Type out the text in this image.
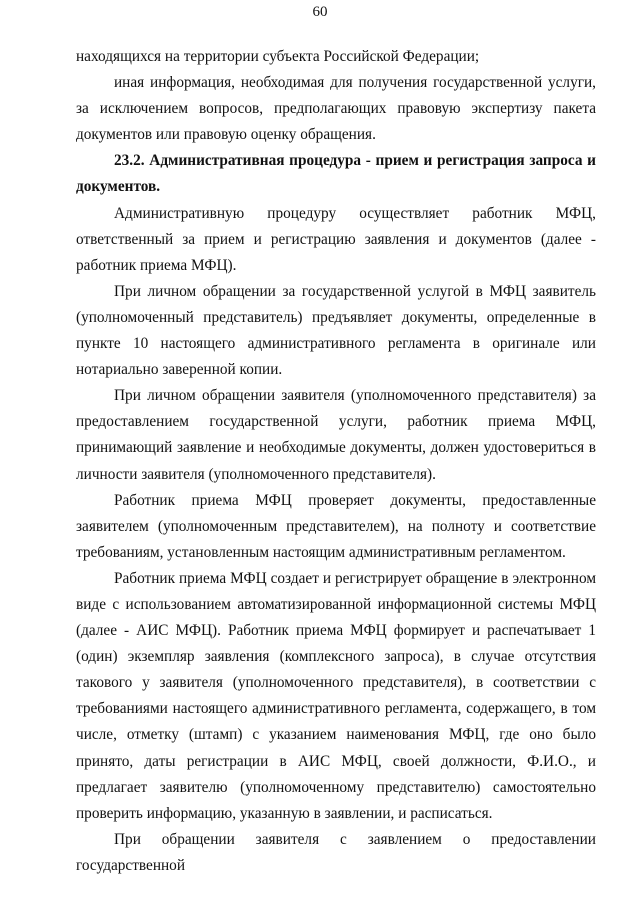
60

находящихся на территории субъекта Российской Федерации;

иная информация, необходимая для получения государственной услуги, за исключением вопросов, предполагающих правовую экспертизу пакета документов или правовую оценку обращения.

23.2. Административная процедура - прием и регистрация запроса и документов.

Административную процедуру осуществляет работник МФЦ, ответственный за прием и регистрацию заявления и документов (далее - работник приема МФЦ).

При личном обращении за государственной услугой в МФЦ заявитель (уполномоченный представитель) предъявляет документы, определенные в пункте 10 настоящего административного регламента в оригинале или нотариально заверенной копии.

При личном обращении заявителя (уполномоченного представителя) за предоставлением государственной услуги, работник приема МФЦ, принимающий заявление и необходимые документы, должен удостовериться в личности заявителя (уполномоченного представителя).

Работник приема МФЦ проверяет документы, предоставленные заявителем (уполномоченным представителем), на полноту и соответствие требованиям, установленным настоящим административным регламентом.

Работник приема МФЦ создает и регистрирует обращение в электронном виде с использованием автоматизированной информационной системы МФЦ (далее - АИС МФЦ). Работник приема МФЦ формирует и распечатывает 1 (один) экземпляр заявления (комплексного запроса), в случае отсутствия такового у заявителя (уполномоченного представителя), в соответствии с требованиями настоящего административного регламента, содержащего, в том числе, отметку (штамп) с указанием наименования МФЦ, где оно было принято, даты регистрации в АИС МФЦ, своей должности, Ф.И.О., и предлагает заявителю (уполномоченному представителю) самостоятельно проверить информацию, указанную в заявлении, и расписаться.

При обращении заявителя с заявлением о предоставлении государственной
